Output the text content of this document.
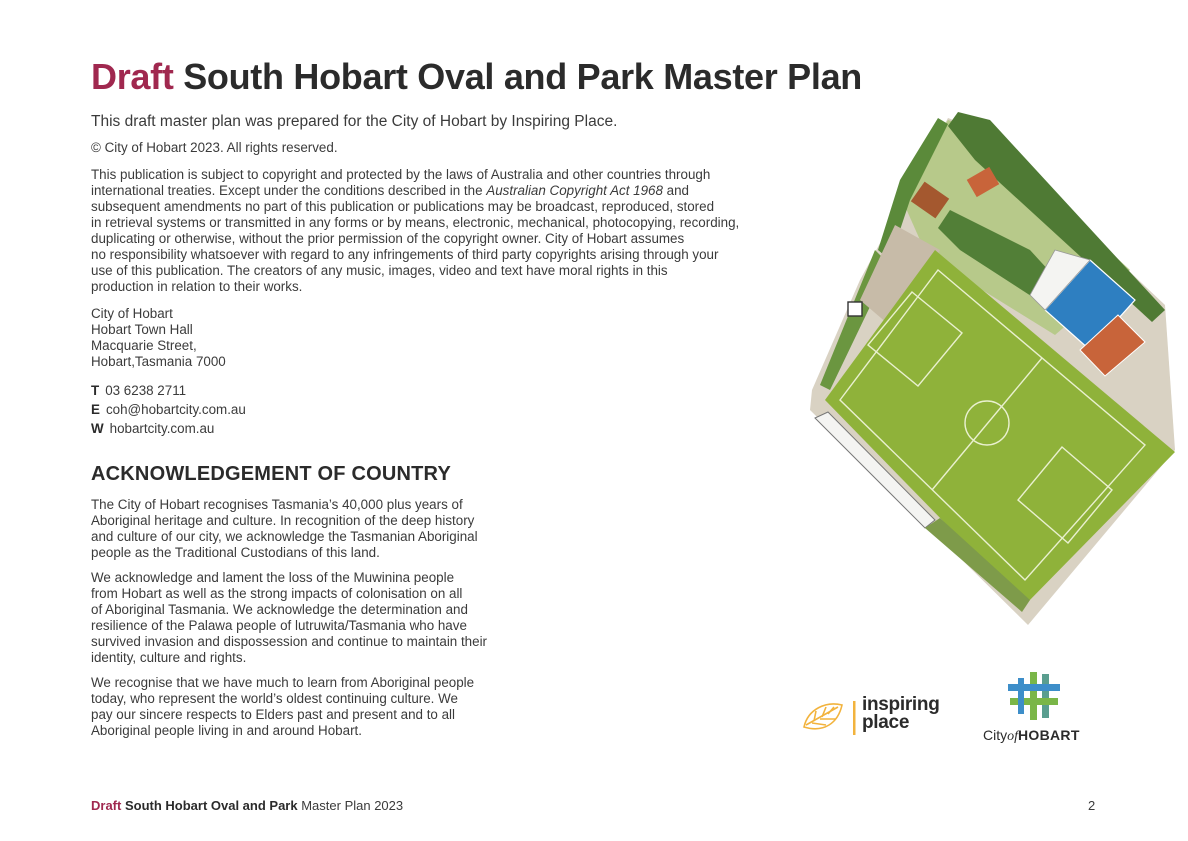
Draft South Hobart Oval and Park Master Plan

This draft master plan was prepared for the City of Hobart by Inspiring Place.

© City of Hobart 2023. All rights reserved.

This publication is subject to copyright and protected by the laws of Australia and other countries through
international treaties. Except under the conditions described in the Australian Copyright Act 1968 and
subsequent amendments no part of this publication or publications may be broadcast, reproduced, stored
in retrieval systems or transmitted in any forms or by means, electronic, mechanical, photocopying, recording,
duplicating or otherwise, without the prior permission of the copyright owner. City of Hobart assumes
no responsibility whatsoever with regard to any infringements of third party copyrights arising through your
use of this publication. The creators of any music, images, video and text have moral rights in this
production in relation to their works.

City of Hobart
Hobart Town Hall
Macquarie Street,
Hobart,Tasmania 7000

T 03 6238 2711
E coh@hobartcity.com.au
W hobartcity.com.au

ACKNOWLEDGEMENT OF COUNTRY

The City of Hobart recognises Tasmania’s 40,000 plus years of
Aboriginal heritage and culture. In recognition of the deep history
and culture of our city, we acknowledge the Tasmanian Aboriginal
people as the Traditional Custodians of this land.

We acknowledge and lament the loss of the Muwinina people
from Hobart as well as the strong impacts of colonisation on all
of Aboriginal Tasmania. We acknowledge the determination and
resilience of the Palawa people of lutruwita/Tasmania who have
survived invasion and dispossession and continue to maintain their
identity, culture and rights.

We recognise that we have much to learn from Aboriginal people
today, who represent the world’s oldest continuing culture. We
pay our sincere respects to Elders past and present and to all
Aboriginal people living in and around Hobart.

inspiring
place
CityofHOBART
Draft South Hobart Oval and Park Master Plan 2023	2
